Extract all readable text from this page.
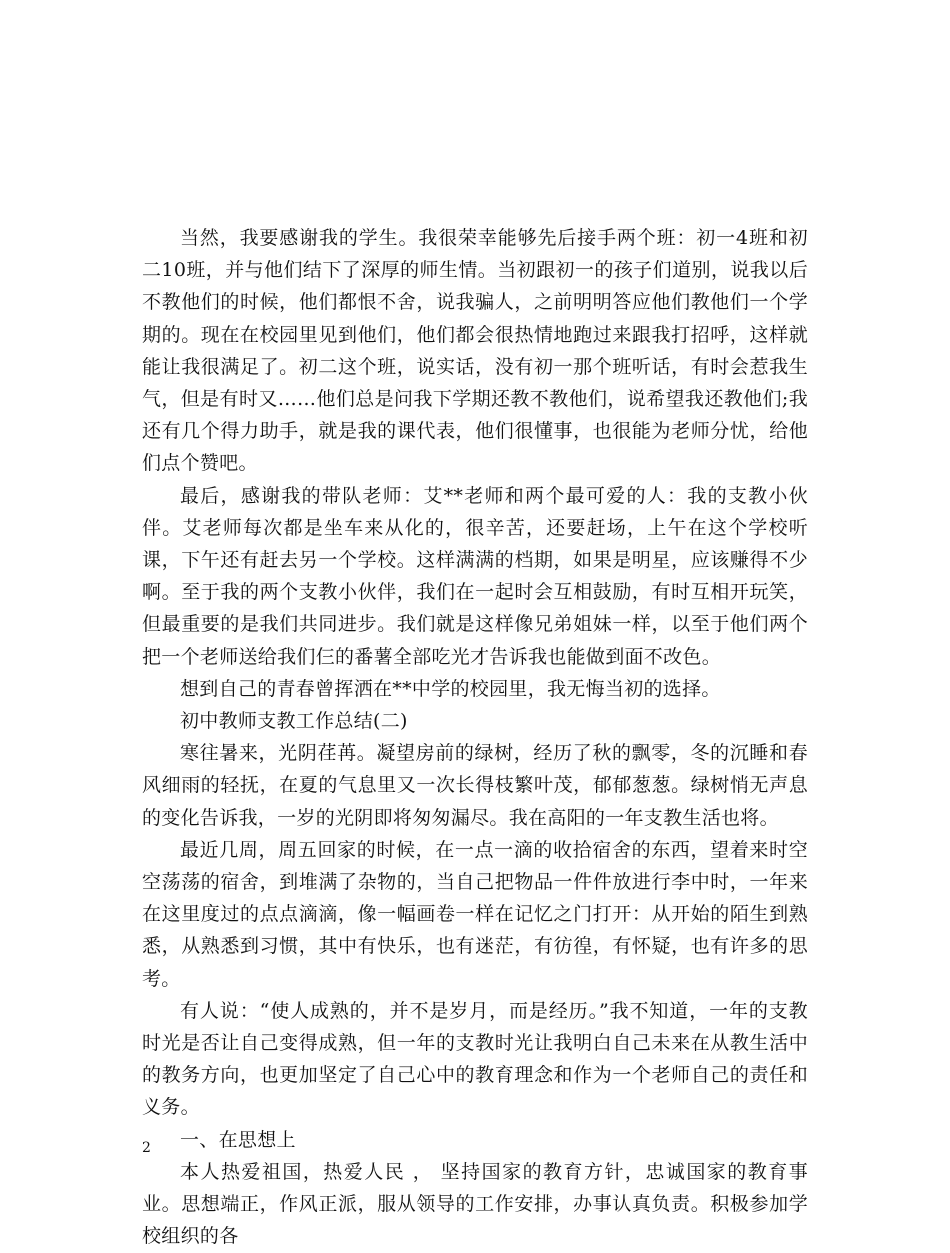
当然，我要感谢我的学生。我很荣幸能够先后接手两个班：初一4班和初二10班，并与他们结下了深厚的师生情。当初跟初一的孩子们道别，说我以后不教他们的时候，他们都恨不舍，说我骗人，之前明明答应他们教他们一个学期的。现在在校园里见到他们，他们都会很热情地跑过来跟我打招呼，这样就能让我很满足了。初二这个班，说实话，没有初一那个班听话，有时会惹我生气，但是有时又……他们总是问我下学期还教不教他们，说希望我还教他们;我还有几个得力助手，就是我的课代表，他们很懂事，也很能为老师分忧，给他们点个赞吧。

最后，感谢我的带队老师：艾**老师和两个最可爱的人：我的支教小伙伴。艾老师每次都是坐车来从化的，很辛苦，还要赶场，上午在这个学校听课，下午还有赶去另一个学校。这样满满的档期，如果是明星，应该赚得不少啊。至于我的两个支教小伙伴，我们在一起时会互相鼓励，有时互相开玩笑，但最重要的是我们共同进步。我们就是这样像兄弟姐妹一样，以至于他们两个把一个老师送给我们仨的番薯全部吃光才告诉我也能做到面不改色。

想到自己的青春曾挥洒在**中学的校园里，我无悔当初的选择。

初中教师支教工作总结(二)

寒往暑来，光阴荏苒。凝望房前的绿树，经历了秋的飘零，冬的沉睡和春风细雨的轻抚，在夏的气息里又一次长得枝繁叶茂，郁郁葱葱。绿树悄无声息的变化告诉我，一岁的光阴即将匆匆漏尽。我在高阳的一年支教生活也将。

最近几周，周五回家的时候，在一点一滴的收拾宿舍的东西，望着来时空空荡荡的宿舍，到堆满了杂物的，当自己把物品一件件放进行李中时，一年来在这里度过的点点滴滴，像一幅画卷一样在记忆之门打开：从开始的陌生到熟悉，从熟悉到习惯，其中有快乐，也有迷茫，有彷徨，有怀疑，也有许多的思考。

有人说：“使人成熟的，并不是岁月，而是经历。”我不知道，一年的支教时光是否让自己变得成熟，但一年的支教时光让我明白自己未来在从教生活中的教务方向，也更加坚定了自己心中的教育理念和作为一个老师自己的责任和义务。

一、在思想上

本人热爱祖国，热爱人民 ， 坚持国家的教育方针，忠诚国家的教育事业。思想端正，作风正派，服从领导的工作安排，办事认真负责。积极参加学校组织的各

2
